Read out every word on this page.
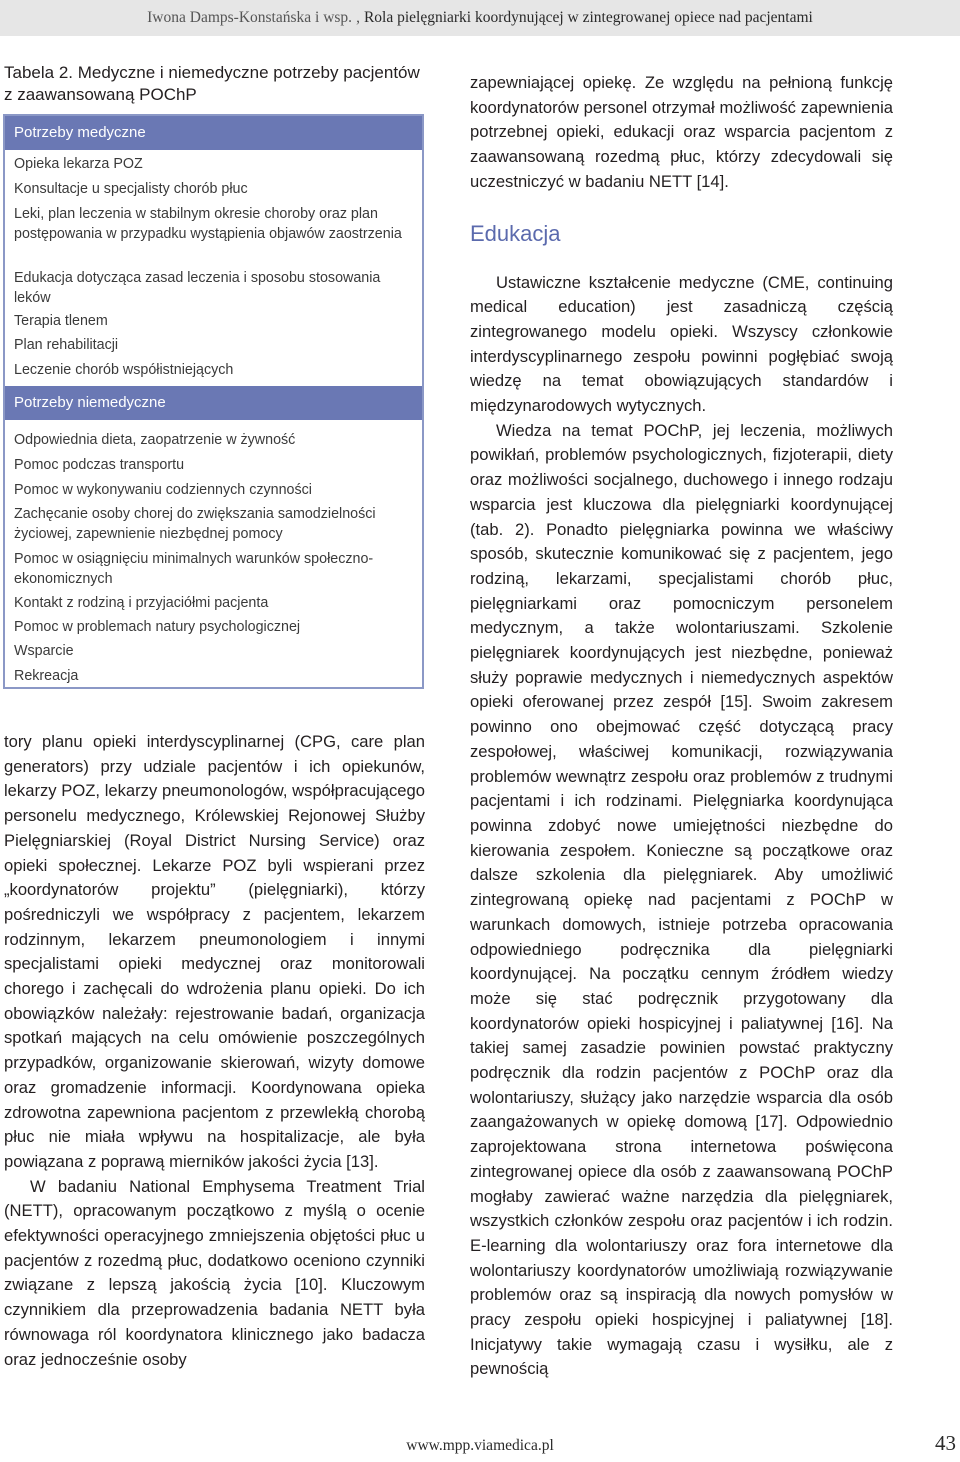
Iwona Damps-Konstańska i wsp. , Rola pielęgniarki koordynującej w zintegrowanej opiece nad pacjentami
Tabela 2. Medyczne i niemedyczne potrzeby pacjentów z zaawansowaną POChP
Potrzeby medyczne
Opieka lekarza POZ
Konsultacje u specjalisty chorób płuc
Leki, plan leczenia w stabilnym okresie choroby oraz plan postępowania w przypadku wystąpienia objawów zaostrzenia
Edukacja dotycząca zasad leczenia i sposobu stosowania leków
Terapia tlenem
Plan rehabilitacji
Leczenie chorób współistniejących
Potrzeby niemedyczne
Odpowiednia dieta, zaopatrzenie w żywność
Pomoc podczas transportu
Pomoc w wykonywaniu codziennych czynności
Zachęcanie osoby chorej do zwiększania samodzielności życiowej, zapewnienie niezbędnej pomocy
Pomoc w osiągnięciu minimalnych warunków społeczno-ekonomicznych
Kontakt z rodziną i przyjaciółmi pacjenta
Pomoc w problemach natury psychologicznej
Wsparcie
Rekreacja

tory planu opieki interdyscyplinarnej (CPG, care plan generators) przy udziale pacjentów i ich opiekunów, lekarzy POZ, lekarzy pneumonologów, współpracującego personelu medycznego, Królewskiej Rejonowej Służby Pielęgniarskiej (Royal District Nursing Service) oraz opieki społecznej. Lekarze POZ byli wspierani przez „koordynatorów projektu” (pielęgniarki), którzy pośredniczyli we współpracy z pacjentem, lekarzem rodzinnym, lekarzem pneumonologiem i innymi specjalistami opieki medycznej oraz monitorowali chorego i zachęcali do wdrożenia planu opieki. Do ich obowiązków należały: rejestrowanie badań, organizacja spotkań mających na celu omówienie poszczególnych przypadków, organizowanie skierowań, wizyty domowe oraz gromadzenie informacji. Koordynowana opieka zdrowotna zapewniona pacjentom z przewlekłą chorobą płuc nie miała wpływu na hospitalizacje, ale była powiązana z poprawą mierników jakości życia [13].

W badaniu National Emphysema Treatment Trial (NETT), opracowanym początkowo z myślą o ocenie efektywności operacyjnego zmniejszenia objętości płuc u pacjentów z rozedmą płuc, dodatkowo oceniono czynniki związane z lepszą jakością życia [10]. Kluczowym czynnikiem dla przeprowadzenia badania NETT była równowaga ról koordynatora klinicznego jako badacza oraz jednocześnie osoby

zapewniającej opiekę. Ze względu na pełnioną funkcję koordynatorów personel otrzymał możliwość zapewnienia potrzebnej opieki, edukacji oraz wsparcia pacjentom z zaawansowaną rozedmą płuc, którzy zdecydowali się uczestniczyć w badaniu NETT [14].

Edukacja

Ustawiczne kształcenie medyczne (CME, continuing medical education) jest zasadniczą częścią zintegrowanego modelu opieki. Wszyscy członkowie interdyscyplinarnego zespołu powinni pogłębiać swoją wiedzę na temat obowiązujących standardów i międzynarodowych wytycznych.

Wiedza na temat POChP, jej leczenia, możliwych powikłań, problemów psychologicznych, fizjoterapii, diety oraz możliwości socjalnego, duchowego i innego rodzaju wsparcia jest kluczowa dla pielęgniarki koordynującej (tab. 2). Ponadto pielęgniarka powinna we właściwy sposób, skutecznie komunikować się z pacjentem, jego rodziną, lekarzami, specjalistami chorób płuc, pielęgniarkami oraz pomocniczym personelem medycznym, a także wolontariuszami. Szkolenie pielęgniarek koordynujących jest niezbędne, ponieważ służy poprawie medycznych i niemedycznych aspektów opieki oferowanej przez zespół [15]. Swoim zakresem powinno ono obejmować część dotyczącą pracy zespołowej, właściwej komunikacji, rozwiązywania problemów wewnątrz zespołu oraz problemów z trudnymi pacjentami i ich rodzinami. Pielęgniarka koordynująca powinna zdobyć nowe umiejętności niezbędne do kierowania zespołem. Konieczne są początkowe oraz dalsze szkolenia dla pielęgniarek. Aby umożliwić zintegrowaną opiekę nad pacjentami z POChP w warunkach domowych, istnieje potrzeba opracowania odpowiedniego podręcznika dla pielęgniarki koordynującej. Na początku cennym źródłem wiedzy może się stać podręcznik przygotowany dla koordynatorów opieki hospicyjnej i paliatywnej [16]. Na takiej samej zasadzie powinien powstać praktyczny podręcznik dla rodzin pacjentów z POChP oraz dla wolontariuszy, służący jako narzędzie wsparcia dla osób zaangażowanych w opiekę domową [17]. Odpowiednio zaprojektowana strona internetowa poświęcona zintegrowanej opiece dla osób z zaawansowaną POChP mogłaby zawierać ważne narzędzia dla pielęgniarek, wszystkich członków zespołu oraz pacjentów i ich rodzin. E-learning dla wolontariuszy oraz fora internetowe dla wolontariuszy koordynatorów umożliwiają rozwiązywanie problemów oraz są inspiracją dla nowych pomysłów w pracy zespołu opieki hospicyjnej i paliatywnej [18]. Inicjatywy takie wymagają czasu i wysiłku, ale z pewnością

www.mpp.viamedica.pl	43
